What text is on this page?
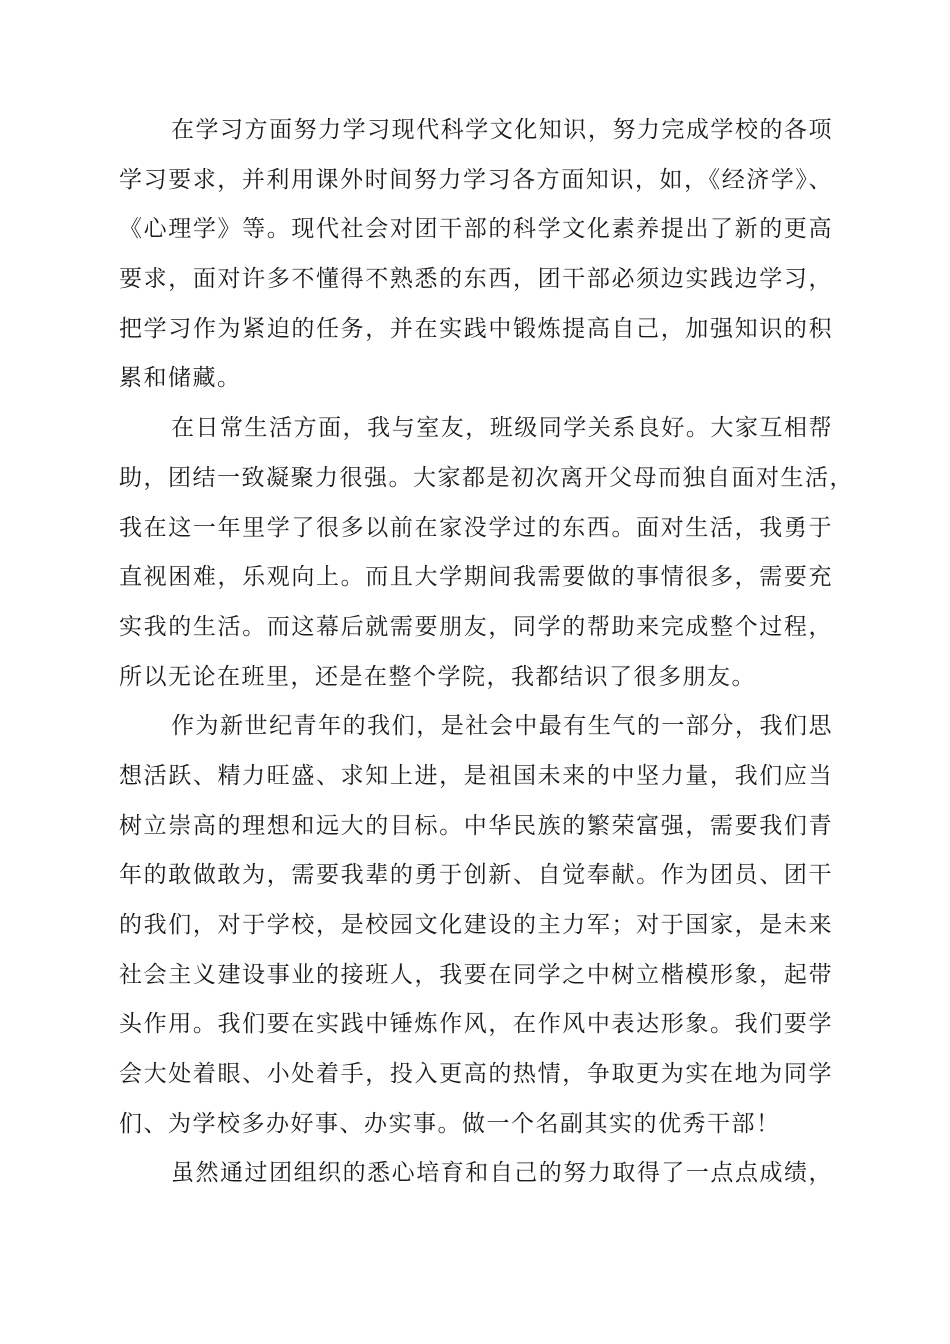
在学习方面努力学习现代科学文化知识，努力完成学校的各项
学习要求，并利用课外时间努力学习各方面知识，如，《经济学》、
《心理学》等。现代社会对团干部的科学文化素养提出了新的更高
要求，面对许多不懂得不熟悉的东西，团干部必须边实践边学习，
把学习作为紧迫的任务，并在实践中锻炼提高自己，加强知识的积
累和储藏。
在日常生活方面，我与室友，班级同学关系良好。大家互相帮
助，团结一致凝聚力很强。大家都是初次离开父母而独自面对生活，
我在这一年里学了很多以前在家没学过的东西。面对生活，我勇于
直视困难，乐观向上。而且大学期间我需要做的事情很多，需要充
实我的生活。而这幕后就需要朋友，同学的帮助来完成整个过程，
所以无论在班里，还是在整个学院，我都结识了很多朋友。
作为新世纪青年的我们，是社会中最有生气的一部分，我们思
想活跃、精力旺盛、求知上进，是祖国未来的中坚力量，我们应当
树立崇高的理想和远大的目标。中华民族的繁荣富强，需要我们青
年的敢做敢为，需要我辈的勇于创新、自觉奉献。作为团员、团干
的我们，对于学校，是校园文化建设的主力军；对于国家，是未来
社会主义建设事业的接班人，我要在同学之中树立楷模形象，起带
头作用。我们要在实践中锤炼作风，在作风中表达形象。我们要学
会大处着眼、小处着手，投入更高的热情，争取更为实在地为同学
们、为学校多办好事、办实事。做一个名副其实的优秀干部！
虽然通过团组织的悉心培育和自己的努力取得了一点点成绩，
